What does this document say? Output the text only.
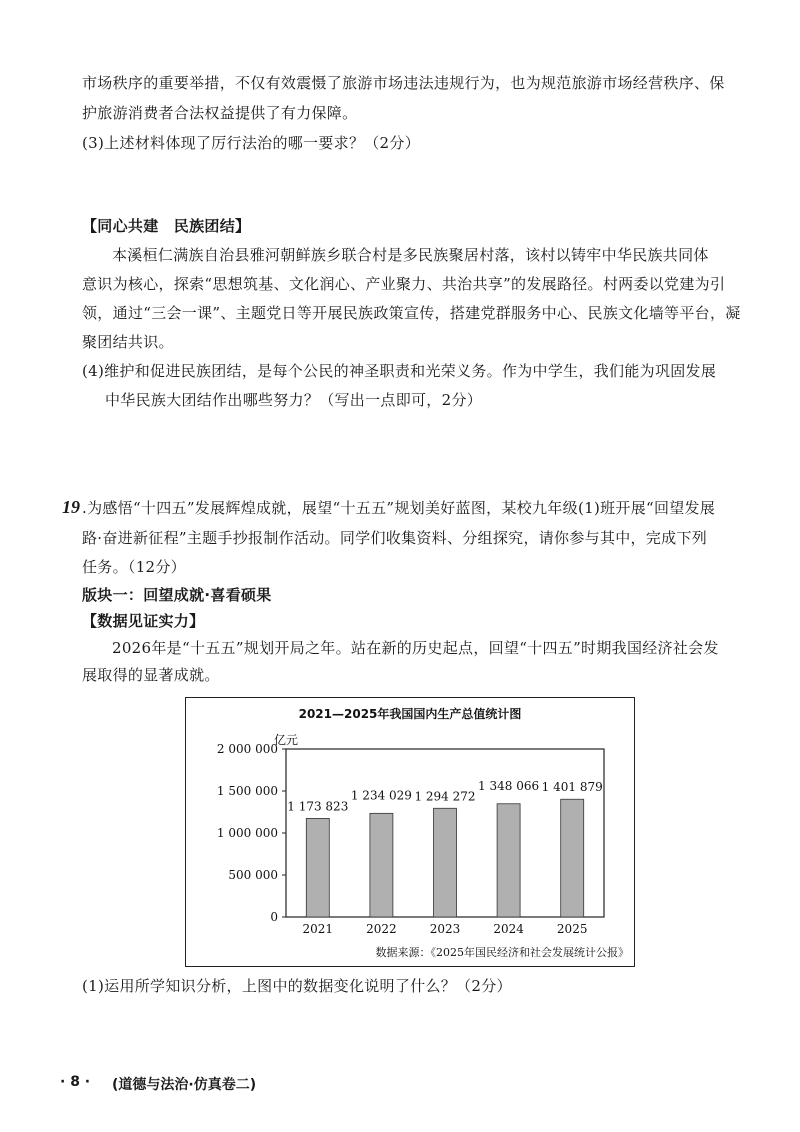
市场秩序的重要举措，不仅有效震慑了旅游市场违法违规行为，也为规范旅游市场经营秩序、保
护旅游消费者合法权益提供了有力保障。
(3)上述材料体现了厉行法治的哪一要求？（2分）
【同心共建　民族团结】
本溪桓仁满族自治县雅河朝鲜族乡联合村是多民族聚居村落，该村以铸牢中华民族共同体
意识为核心，探索“思想筑基、文化润心、产业聚力、共治共享”的发展路径。村两委以党建为引
领，通过“三会一课”、主题党日等开展民族政策宣传，搭建党群服务中心、民族文化墙等平台，凝
聚团结共识。
(4)维护和促进民族团结，是每个公民的神圣职责和光荣义务。作为中学生，我们能为巩固发展
中华民族大团结作出哪些努力？（写出一点即可，2分）
19 .为感悟“十四五”发展辉煌成就，展望“十五五”规划美好蓝图，某校九年级(1)班开展“回望发展
路·奋进新征程”主题手抄报制作活动。同学们收集资料、分组探究，请你参与其中，完成下列
任务。（12分）
版块一：回望成就·喜看硕果
【数据见证实力】
2026年是“十五五”规划开局之年。站在新的历史起点，回望“十四五”时期我国经济社会发
展取得的显著成就。
2021—2025年我国国内生产总值统计图
亿元
0
500 000
1 000 000
1 500 000
2 000 000
1 173 823
2021
1 234 029
2022
1 294 272
2023
1 348 066
2024
1 401 879
2025
数据来源：《2025年国民经济和社会发展统计公报》
(1)运用所学知识分析，上图中的数据变化说明了什么？（2分）
· 8 · (道德与法治·仿真卷二)
